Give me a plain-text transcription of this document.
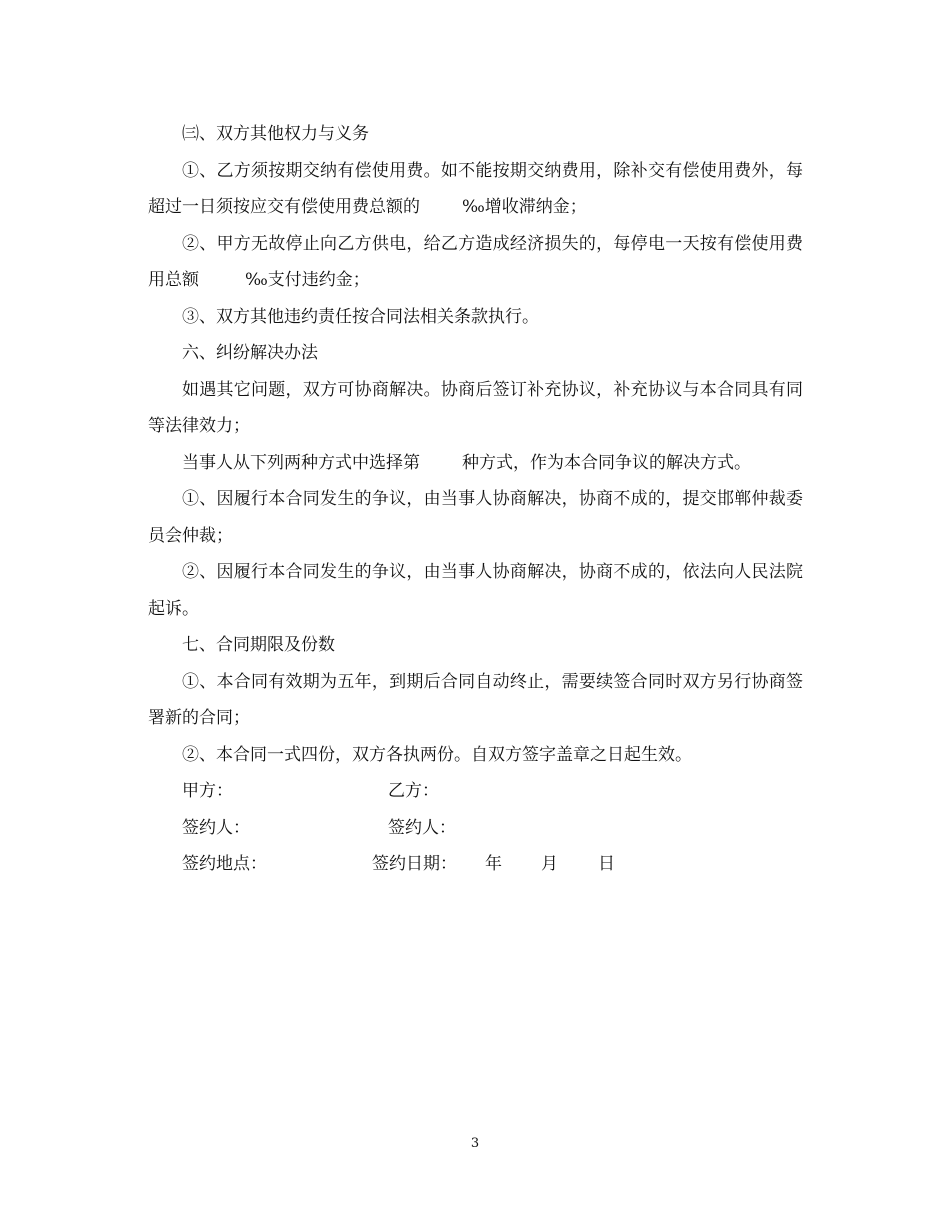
㈢、双方其他权力与义务

①、乙方须按期交纳有偿使用费。如不能按期交纳费用，除补交有偿使用费外，每超过一日须按应交有偿使用费总额的 ‰增收滞纳金；

②、甲方无故停止向乙方供电，给乙方造成经济损失的，每停电一天按有偿使用费用总额	‰支付违约金；

③、双方其他违约责任按合同法相关条款执行。

六、纠纷解决办法

如遇其它问题，双方可协商解决。协商后签订补充协议，补充协议与本合同具有同等法律效力；

当事人从下列两种方式中选择第 种方式，作为本合同争议的解决方式。

①、因履行本合同发生的争议，由当事人协商解决，协商不成的，提交邯郸仲裁委员会仲裁；

②、因履行本合同发生的争议，由当事人协商解决，协商不成的，依法向人民法院起诉。

七、合同期限及份数

①、本合同有效期为五年，到期后合同自动终止，需要续签合同时双方另行协商签署新的合同；

②、本合同一式四份，双方各执两份。自双方签字盖章之日起生效。

甲方：	乙方：
签约人：	签约人：
签约地点：	签约日期： 年 月 日
3
